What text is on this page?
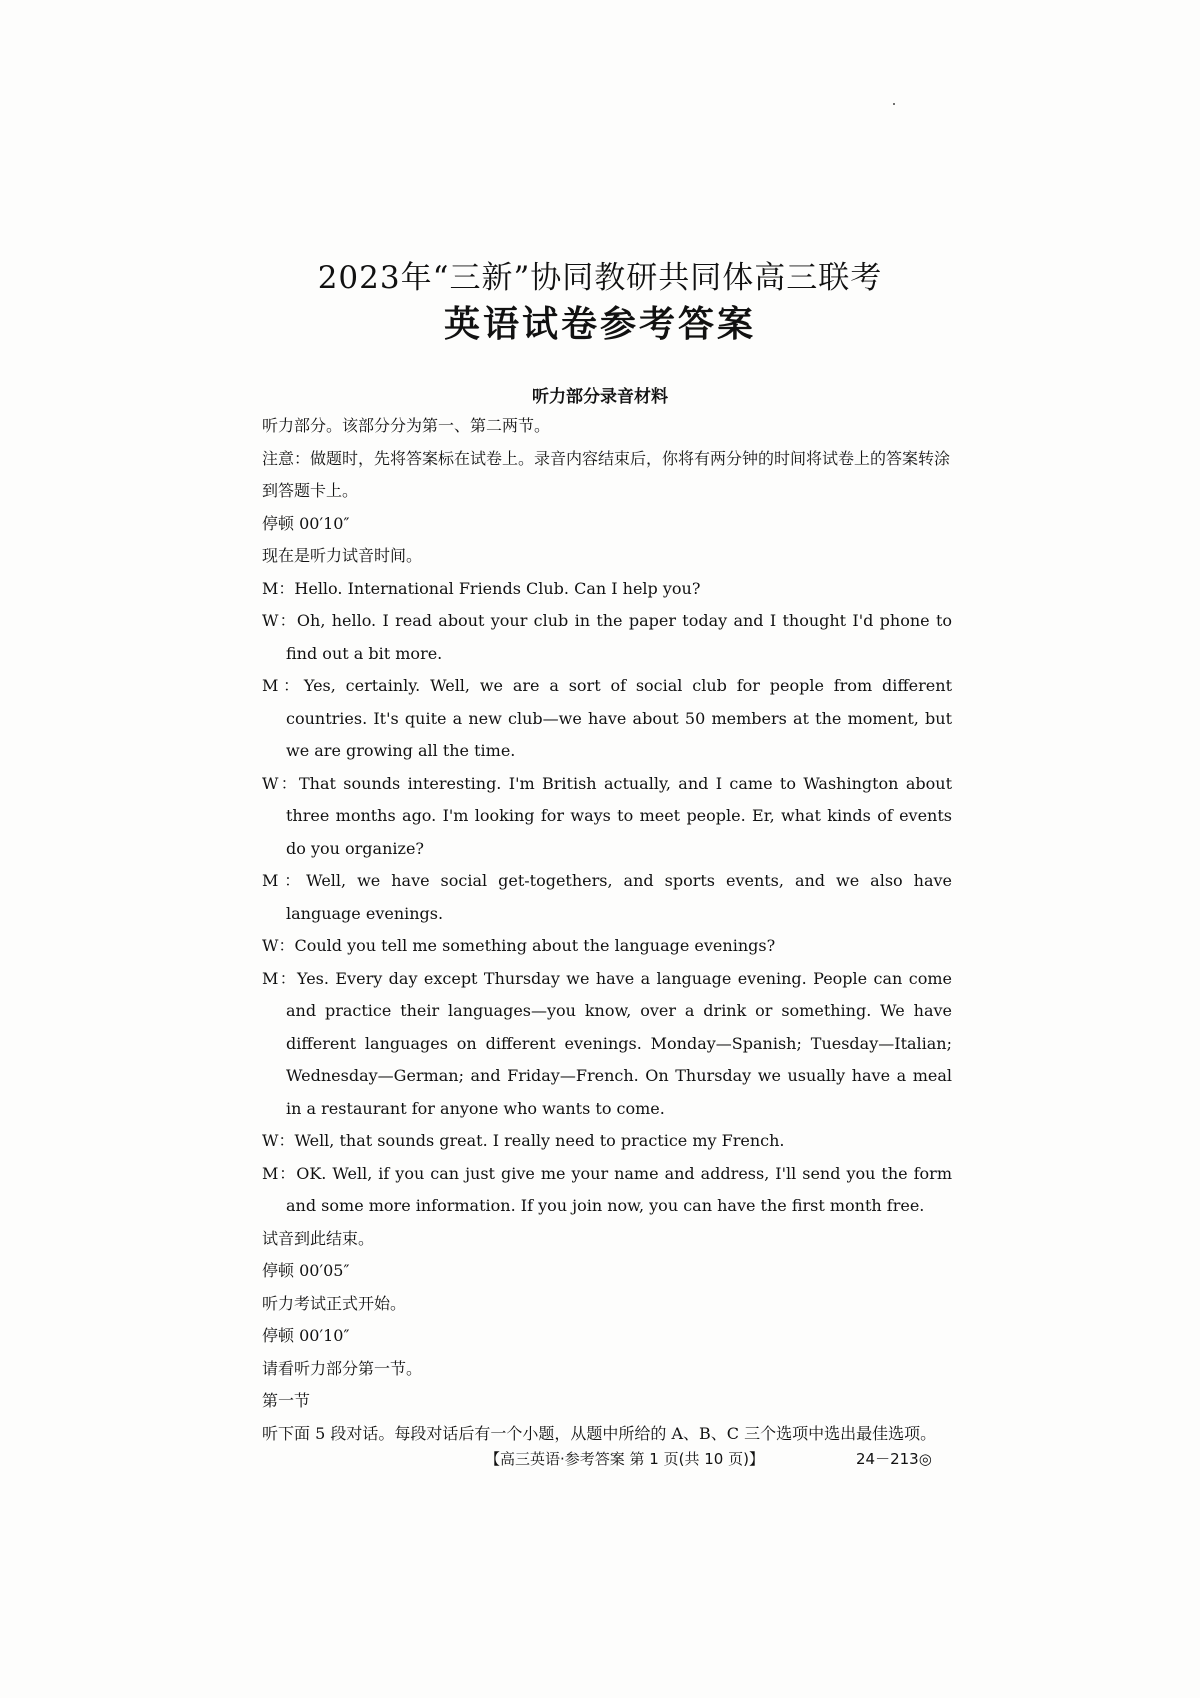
2023年“三新”协同教研共同体高三联考
英语试卷参考答案
听力部分录音材料

听力部分。该部分分为第一、第二两节。

注意：做题时，先将答案标在试卷上。录音内容结束后，你将有两分钟的时间将试卷上的答案转涂到答题卡上。

停顿 00′10″

现在是听力试音时间。

M：Hello. International Friends Club. Can I help you?

W：Oh, hello. I read about your club in the paper today and I thought I'd phone to find out a bit more.

M：Yes, certainly. Well, we are a sort of social club for people from different countries. It's quite a new club—we have about 50 members at the moment, but we are growing all the time.

W：That sounds interesting. I'm British actually, and I came to Washington about three months ago. I'm looking for ways to meet people. Er, what kinds of events do you organize?

M：Well, we have social get-togethers, and sports events, and we also have language evenings.

W：Could you tell me something about the language evenings?

M：Yes. Every day except Thursday we have a language evening. People can come and practice their languages—you know, over a drink or something. We have different languages on different evenings. Monday—Spanish; Tuesday—Italian; Wednesday—German; and Friday—French. On Thursday we usually have a meal in a restaurant for anyone who wants to come.

W：Well, that sounds great. I really need to practice my French.

M：OK. Well, if you can just give me your name and address, I'll send you the form and some more information. If you join now, you can have the first month free.

试音到此结束。

停顿 00′05″

听力考试正式开始。

停顿 00′10″

请看听力部分第一节。

第一节

听下面 5 段对话。每段对话后有一个小题，从题中所给的 A、B、C 三个选项中选出最佳选项。

【高三英语·参考答案 第 1 页(共 10 页)】	24－213◎
